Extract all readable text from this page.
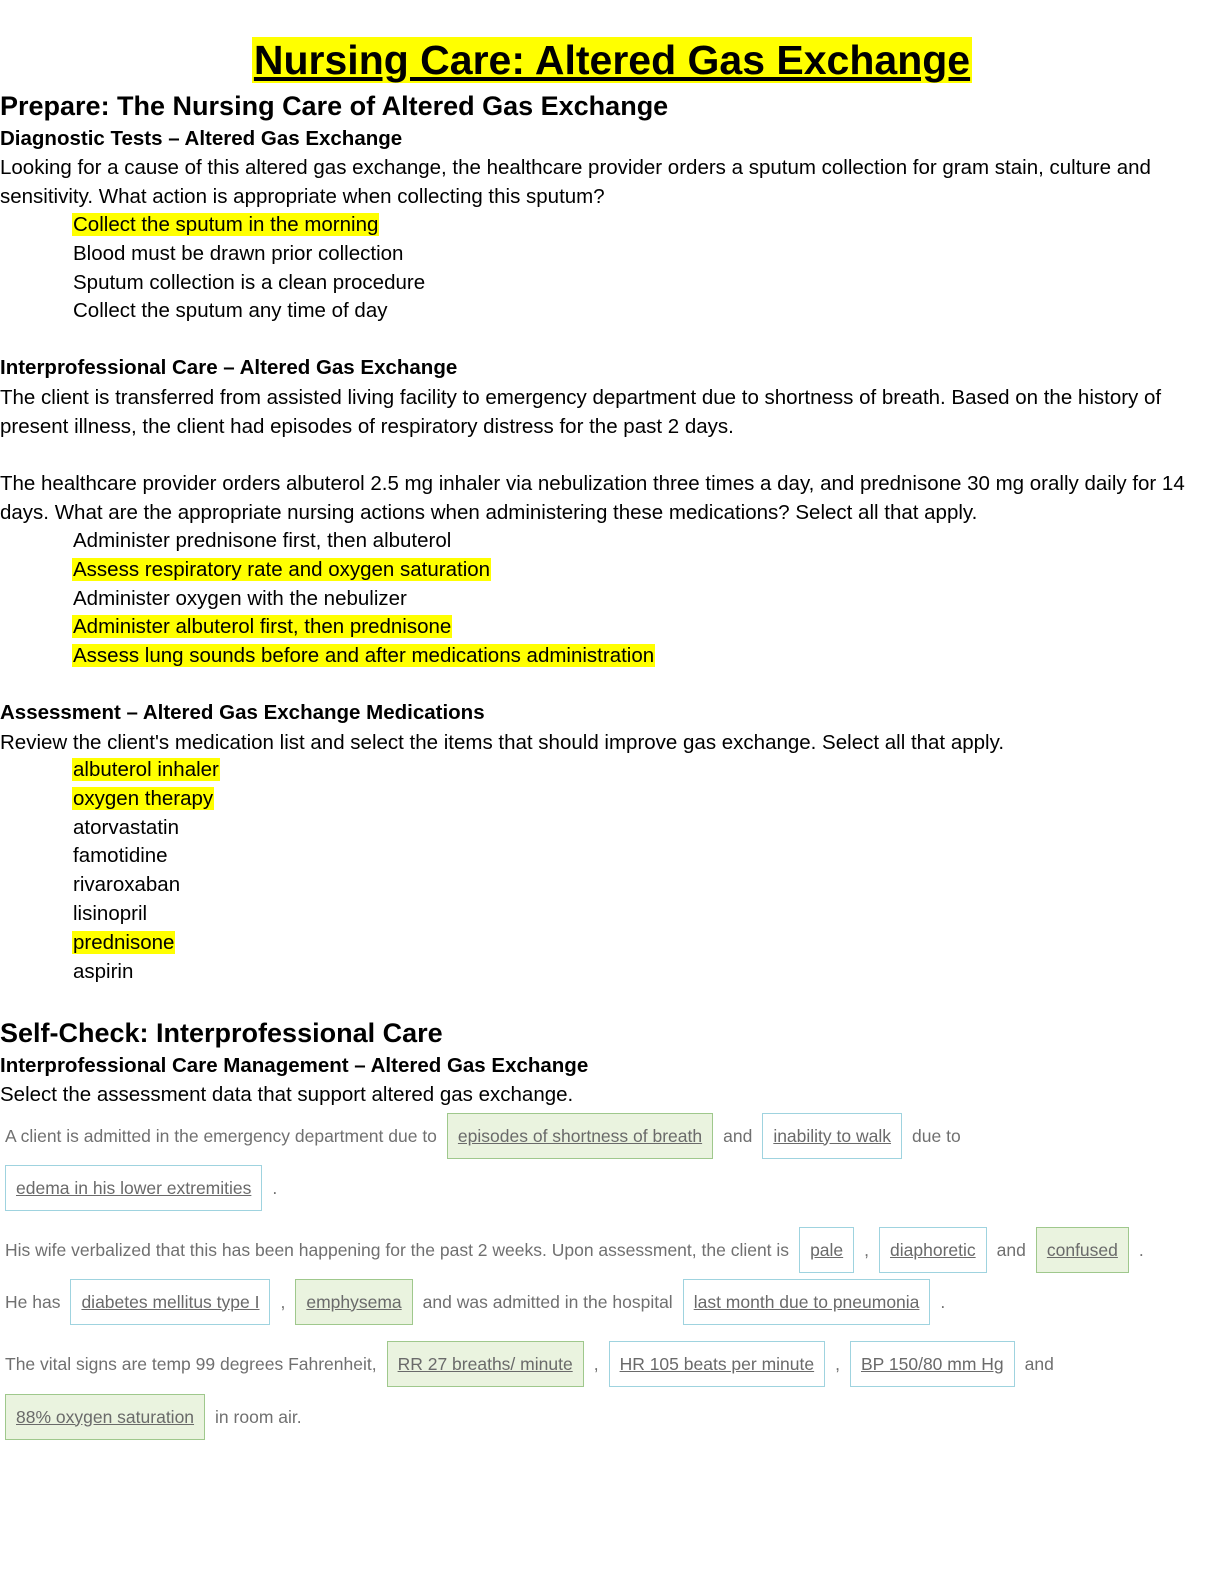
Nursing Care: Altered Gas Exchange
Prepare: The Nursing Care of Altered Gas Exchange
Diagnostic Tests – Altered Gas Exchange

Looking for a cause of this altered gas exchange, the healthcare provider orders a sputum collection for gram stain, culture and sensitivity. What action is appropriate when collecting this sputum?

Collect the sputum in the morning
Blood must be drawn prior collection
Sputum collection is a clean procedure
Collect the sputum any time of day
Interprofessional Care – Altered Gas Exchange

The client is transferred from assisted living facility to emergency department due to shortness of breath. Based on the history of present illness, the client had episodes of respiratory distress for the past 2 days.

The healthcare provider orders albuterol 2.5 mg inhaler via nebulization three times a day, and prednisone 30 mg orally daily for 14 days. What are the appropriate nursing actions when administering these medications? Select all that apply.

Administer prednisone first, then albuterol
Assess respiratory rate and oxygen saturation
Administer oxygen with the nebulizer
Administer albuterol first, then prednisone
Assess lung sounds before and after medications administration
Assessment – Altered Gas Exchange Medications

Review the client's medication list and select the items that should improve gas exchange. Select all that apply.

albuterol inhaler
oxygen therapy
atorvastatin
famotidine
rivaroxaban
lisinopril
prednisone
aspirin
Self-Check: Interprofessional Care
Interprofessional Care Management – Altered Gas Exchange

Select the assessment data that support altered gas exchange.

A client is admitted in the emergency department due to	episodes of shortness of breath	and	inability to walk	due to
edema in his lower extremities	.
His wife verbalized that this has been happening for the past 2 weeks. Upon assessment, the client is	pale	,	diaphoretic	and	confused	.
He has	diabetes mellitus type I	,	emphysema	and was admitted in the hospital	last month due to pneumonia	.
The vital signs are temp 99 degrees Fahrenheit,	RR 27 breaths/ minute	,	HR 105 beats per minute	,	BP 150/80 mm Hg	and
88% oxygen saturation	in room air.
